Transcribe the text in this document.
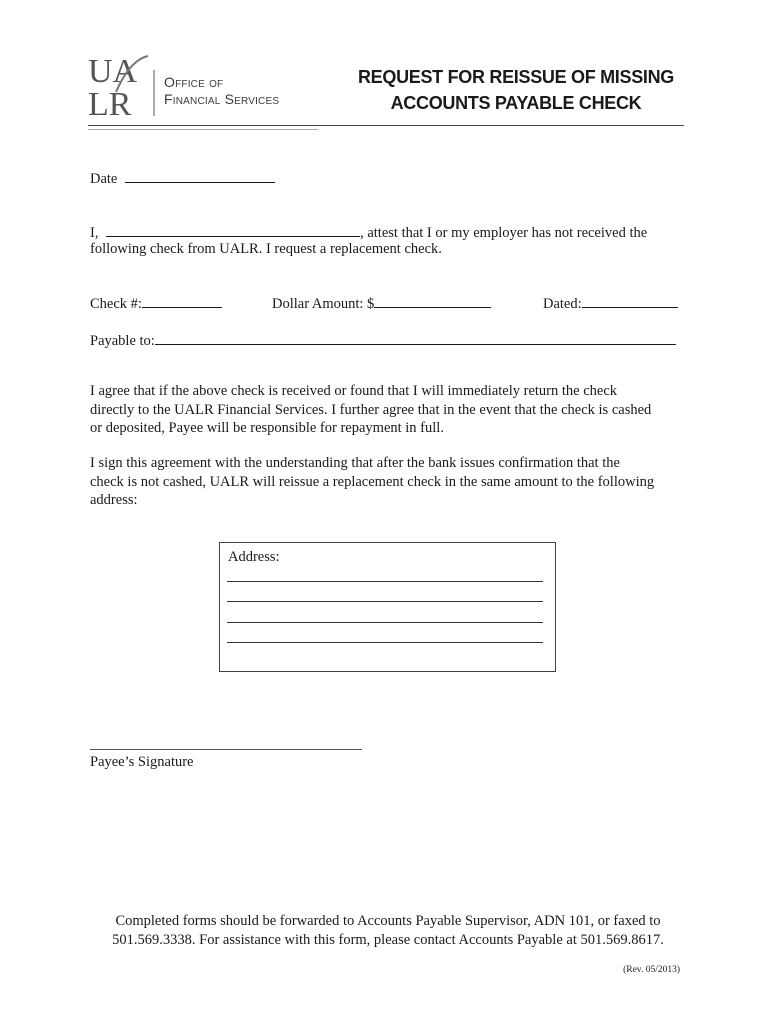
UA
LR
Office of
Financial Services
REQUEST FOR REISSUE OF MISSING
ACCOUNTS PAYABLE CHECK
Date
I,	, attest that I or my employer has not received the
following check from UALR. I request a replacement check.
Check #:	Dollar Amount: $	Dated:
Payable to:
I agree that if the above check is received or found that I will immediately return the check
directly to the UALR Financial Services. I further agree that in the event that the check is cashed
or deposited, Payee will be responsible for repayment in full.
I sign this agreement with the understanding that after the bank issues confirmation that the
check is not cashed, UALR will reissue a replacement check in the same amount to the following
address:
Address:
Payee’s Signature
Completed forms should be forwarded to Accounts Payable Supervisor, ADN 101, or faxed to
501.569.3338. For assistance with this form, please contact Accounts Payable at 501.569.8617.
(Rev. 05/2013)
